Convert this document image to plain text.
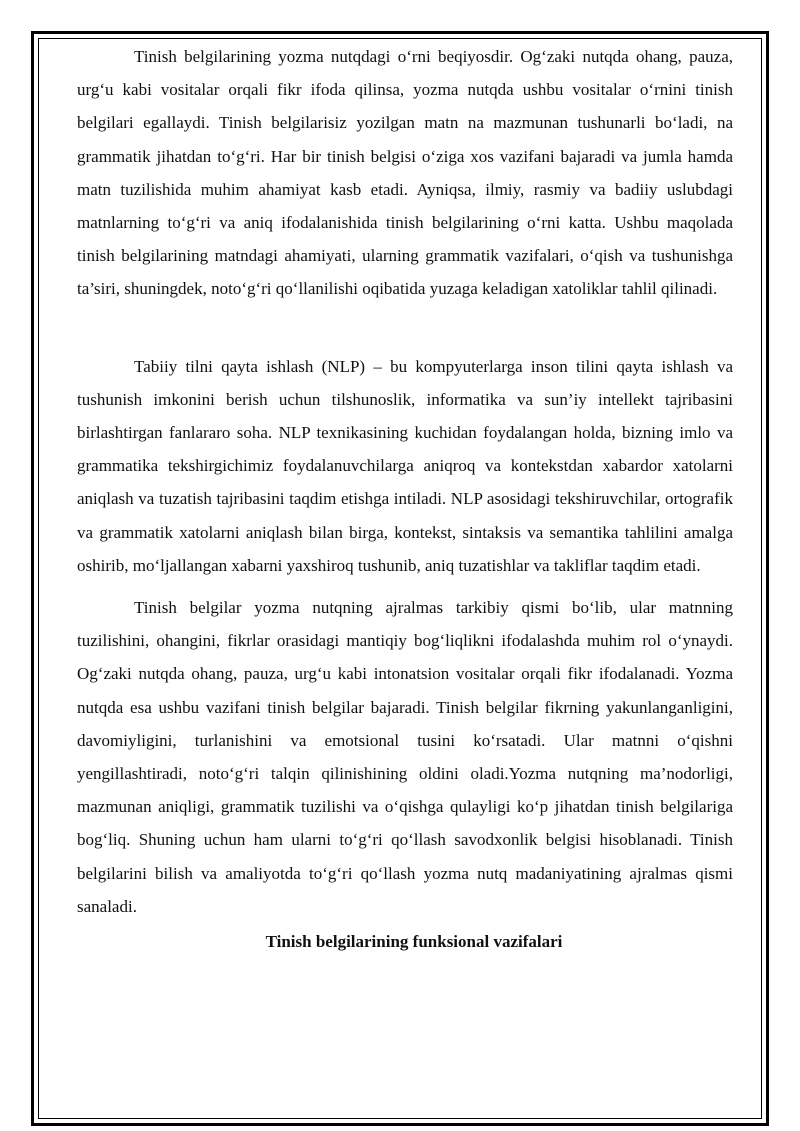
Tinish belgilarining yozma nutqdagi o‘rni beqiyosdir. Og‘zaki nutqda ohang, pauza, urg‘u kabi vositalar orqali fikr ifoda qilinsa, yozma nutqda ushbu vositalar o‘rnini tinish belgilari egallaydi. Tinish belgilarisiz yozilgan matn na mazmunan tushunarli bo‘ladi, na grammatik jihatdan to‘g‘ri. Har bir tinish belgisi o‘ziga xos vazifani bajaradi va jumla hamda matn tuzilishida muhim ahamiyat kasb etadi. Ayniqsa, ilmiy, rasmiy va badiiy uslubdagi matnlarning to‘g‘ri va aniq ifodalanishida tinish belgilarining o‘rni katta. Ushbu maqolada tinish belgilarining matndagi ahamiyati, ularning grammatik vazifalari, o‘qish va tushunishga ta’siri, shuningdek, noto‘g‘ri qo‘llanilishi oqibatida yuzaga keladigan xatoliklar tahlil qilinadi.

Tabiiy tilni qayta ishlash (NLP) – bu kompyuterlarga inson tilini qayta ishlash va tushunish imkonini berish uchun tilshunoslik, informatika va sun’iy intellekt tajribasini birlashtirgan fanlararo soha. NLP texnikasining kuchidan foydalangan holda, bizning imlo va grammatika tekshirgichimiz foydalanuvchilarga aniqroq va kontekstdan xabardor xatolarni aniqlash va tuzatish tajribasini taqdim etishga intiladi. NLP asosidagi tekshiruvchilar, ortografik va grammatik xatolarni aniqlash bilan birga, kontekst, sintaksis va semantika tahlilini amalga oshirib, mo‘ljallangan xabarni yaxshiroq tushunib, aniq tuzatishlar va takliflar taqdim etadi.

Tinish belgilar yozma nutqning ajralmas tarkibiy qismi bo‘lib, ular matnning tuzilishini, ohangini, fikrlar orasidagi mantiqiy bog‘liqlikni ifodalashda muhim rol o‘ynaydi. Og‘zaki nutqda ohang, pauza, urg‘u kabi intonatsion vositalar orqali fikr ifodalanadi. Yozma nutqda esa ushbu vazifani tinish belgilar bajaradi. Tinish belgilar fikrning yakunlanganligini, davomiyligini, turlanishini va emotsional tusini ko‘rsatadi. Ular matnni o‘qishni yengillashtiradi, noto‘g‘ri talqin qilinishining oldini oladi.Yozma nutqning ma’nodorligi, mazmunan aniqligi, grammatik tuzilishi va o‘qishga qulayligi ko‘p jihatdan tinish belgilariga bog‘liq. Shuning uchun ham ularni to‘g‘ri qo‘llash savodxonlik belgisi hisoblanadi. Tinish belgilarini bilish va amaliyotda to‘g‘ri qo‘llash yozma nutq madaniyatining ajralmas qismi sanaladi.

Tinish belgilarining funksional vazifalari
